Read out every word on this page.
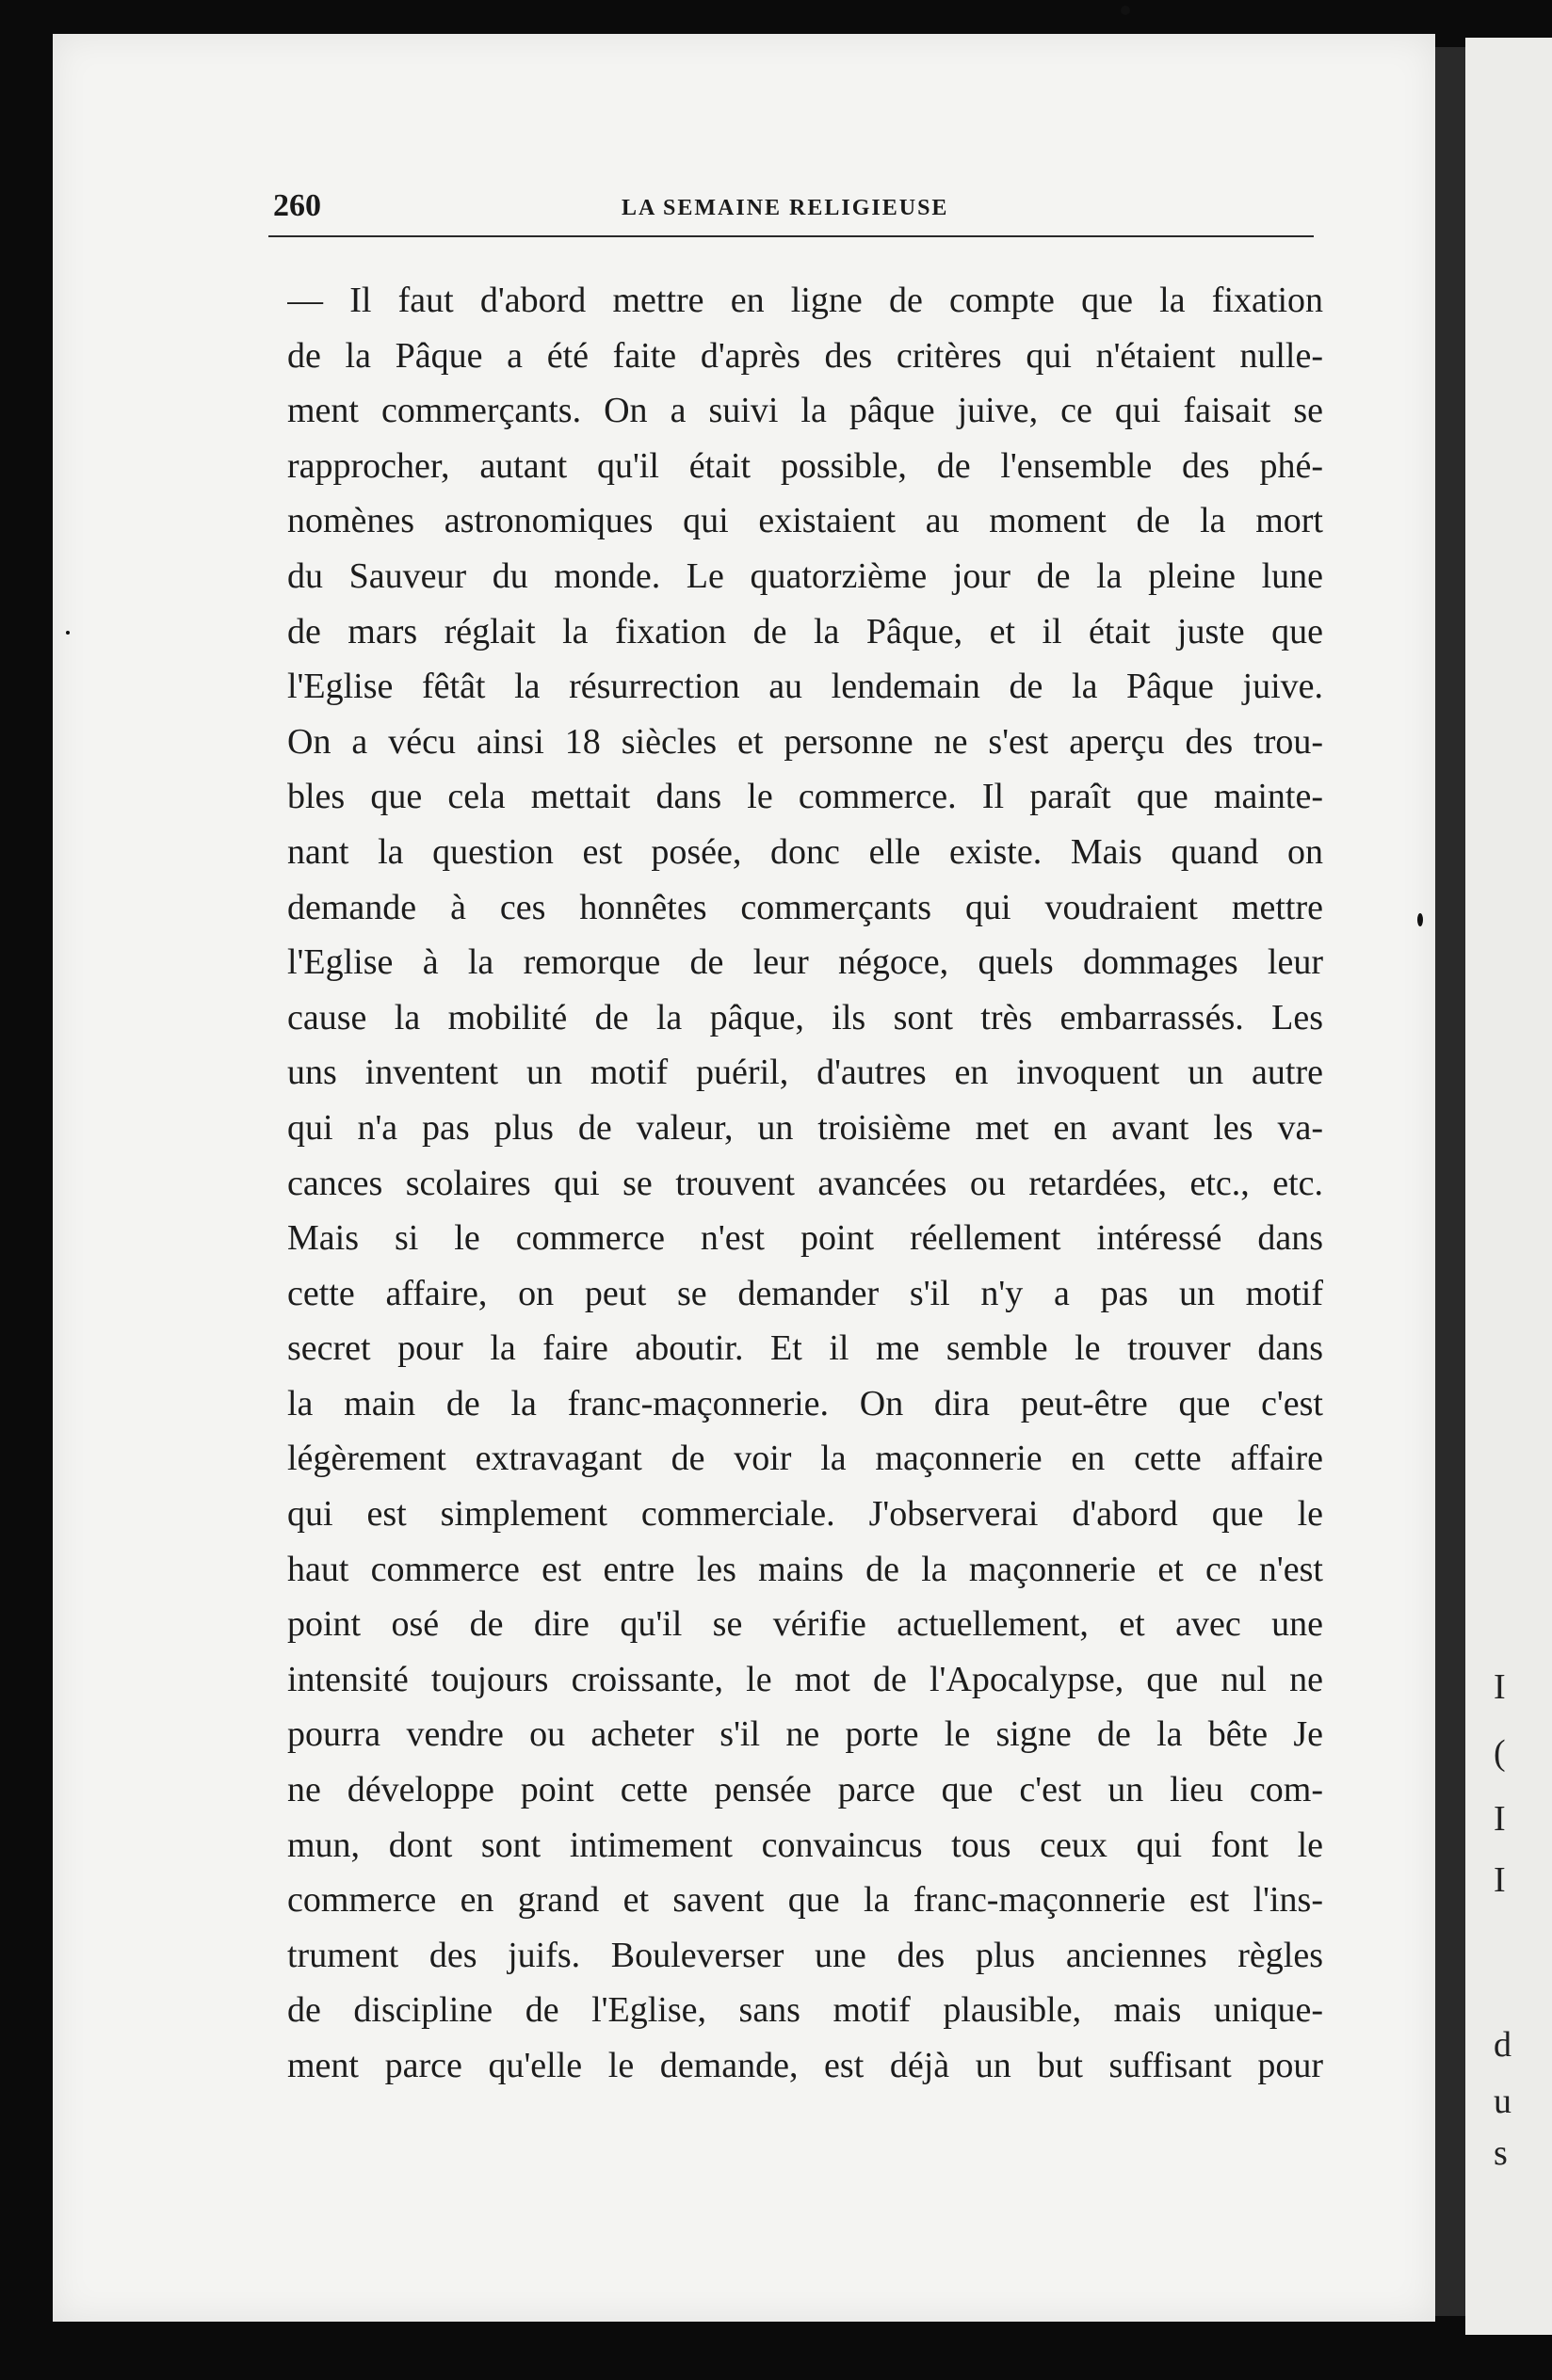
I
(
I
I
d
u
s
260	LA SEMAINE RELIGIEUSE
— Il faut d'abord mettre en ligne de compte que la fixation
de la Pâque a été faite d'après des critères qui n'étaient nulle-
ment commerçants. On a suivi la pâque juive, ce qui faisait se
rapprocher, autant qu'il était possible, de l'ensemble des phé-
nomènes astronomiques qui existaient au moment de la mort
du Sauveur du monde. Le quatorzième jour de la pleine lune
de mars réglait la fixation de la Pâque, et il était juste que
l'Eglise fêtât la résurrection au lendemain de la Pâque juive.
On a vécu ainsi 18 siècles et personne ne s'est aperçu des trou-
bles que cela mettait dans le commerce. Il paraît que mainte-
nant la question est posée, donc elle existe. Mais quand on
demande à ces honnêtes commerçants qui voudraient mettre
l'Eglise à la remorque de leur négoce, quels dommages leur
cause la mobilité de la pâque, ils sont très embarrassés. Les
uns inventent un motif puéril, d'autres en invoquent un autre
qui n'a pas plus de valeur, un troisième met en avant les va-
cances scolaires qui se trouvent avancées ou retardées, etc., etc.
Mais si le commerce n'est point réellement intéressé dans
cette affaire, on peut se demander s'il n'y a pas un motif
secret pour la faire aboutir. Et il me semble le trouver dans
la main de la franc-maçonnerie. On dira peut-être que c'est
légèrement extravagant de voir la maçonnerie en cette affaire
qui est simplement commerciale. J'observerai d'abord que le
haut commerce est entre les mains de la maçonnerie et ce n'est
point osé de dire qu'il se vérifie actuellement, et avec une
intensité toujours croissante, le mot de l'Apocalypse, que nul ne
pourra vendre ou acheter s'il ne porte le signe de la bête Je
ne développe point cette pensée parce que c'est un lieu com-
mun, dont sont intimement convaincus tous ceux qui font le
commerce en grand et savent que la franc-maçonnerie est l'ins-
trument des juifs. Bouleverser une des plus anciennes règles
de discipline de l'Eglise, sans motif plausible, mais unique-
ment parce qu'elle le demande, est déjà un but suffisant pour
